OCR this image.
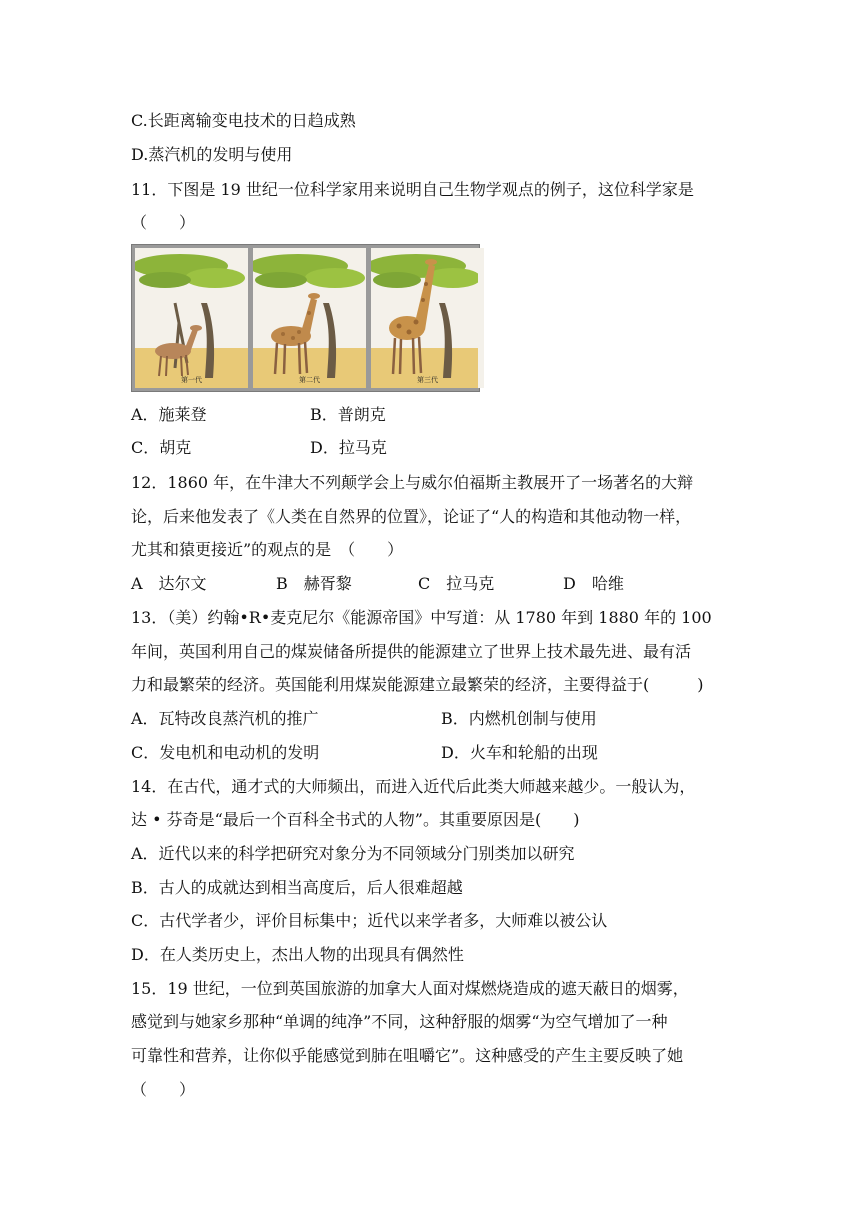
C.长距离输变电技术的日趋成熟
D.蒸汽机的发明与使用
11．下图是 19 世纪一位科学家用来说明自己生物学观点的例子，这位科学家是
（　　）
第一代	第二代	第三代
A．施莱登	B．普朗克
C．胡克	D．拉马克
12．1860 年，在牛津大不列颠学会上与威尔伯福斯主教展开了一场著名的大辩
论，后来他发表了《人类在自然界的位置》，论证了“人的构造和其他动物一样，
尤其和猿更接近”的观点的是　（　　）
A　达尔文	B　赫胥黎	C　拉马克	D　哈维
13．（美）约翰•R•麦克尼尔《能源帝国》中写道：从 1780 年到 1880 年的 100
年间，英国利用自己的煤炭储备所提供的能源建立了世界上技术最先进、最有活
力和最繁荣的经济。英国能利用煤炭能源建立最繁荣的经济，主要得益于(　　　)
A．瓦特改良蒸汽机的推广	B．内燃机创制与使用
C．发电机和电动机的发明	D．火车和轮船的出现
14．在古代，通才式的大师频出，而进入近代后此类大师越来越少。一般认为，
达 • 芬奇是“最后一个百科全书式的人物”。其重要原因是(　　)
A．近代以来的科学把研究对象分为不同领域分门别类加以研究
B．古人的成就达到相当高度后，后人很难超越
C．古代学者少，评价目标集中；近代以来学者多，大师难以被公认
D．在人类历史上，杰出人物的出现具有偶然性
15．19 世纪，一位到英国旅游的加拿大人面对煤燃烧造成的遮天蔽日的烟雾，
感觉到与她家乡那种“单调的纯净”不同，这种舒服的烟雾“为空气增加了一种
可靠性和营养，让你似乎能感觉到肺在咀嚼它”。这种感受的产生主要反映了她
（　　）
